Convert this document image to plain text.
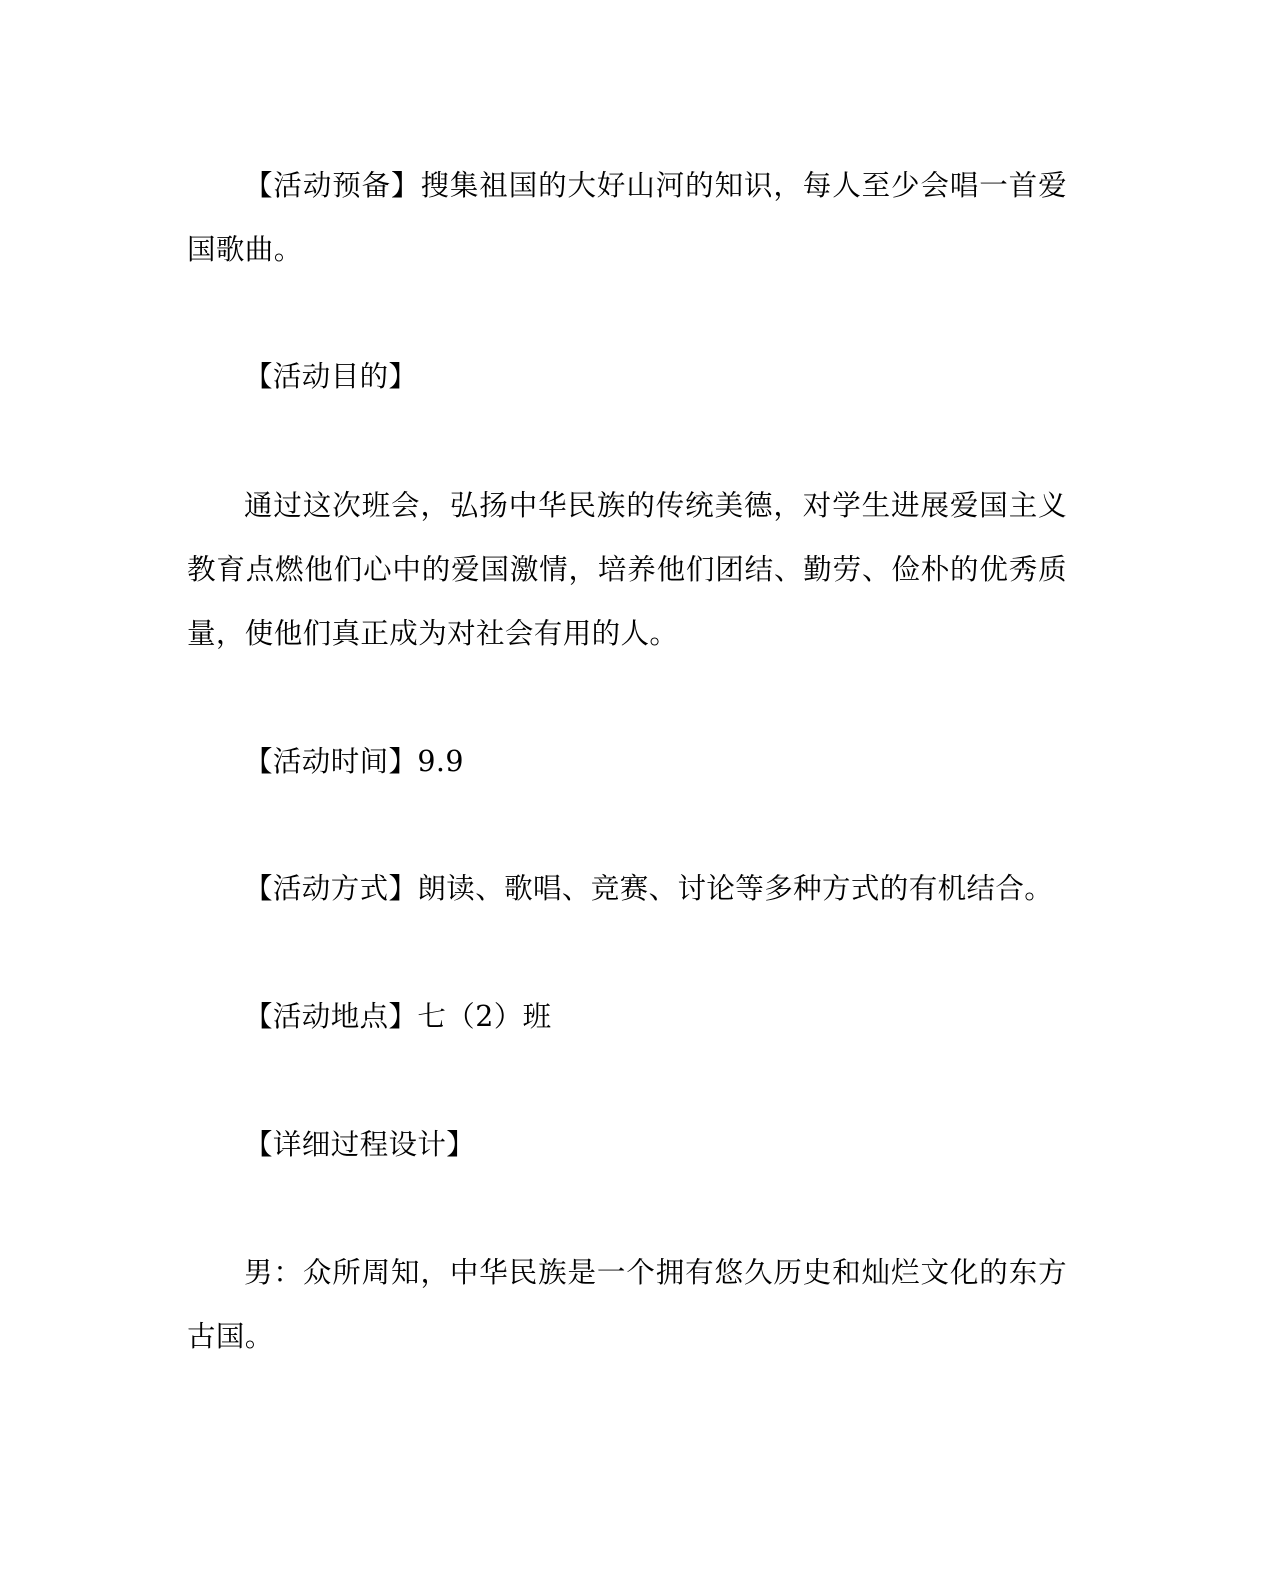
【活动预备】搜集祖国的大好山河的知识，每人至少会唱一首爱国歌曲。

【活动目的】

通过这次班会，弘扬中华民族的传统美德，对学生进展爱国主义教育点燃他们心中的爱国激情，培养他们团结、勤劳、俭朴的优秀质量，使他们真正成为对社会有用的人。

【活动时间】9.9

【活动方式】朗读、歌唱、竞赛、讨论等多种方式的有机结合。

【活动地点】七（2）班

【详细过程设计】

男：众所周知，中华民族是一个拥有悠久历史和灿烂文化的东方古国。
